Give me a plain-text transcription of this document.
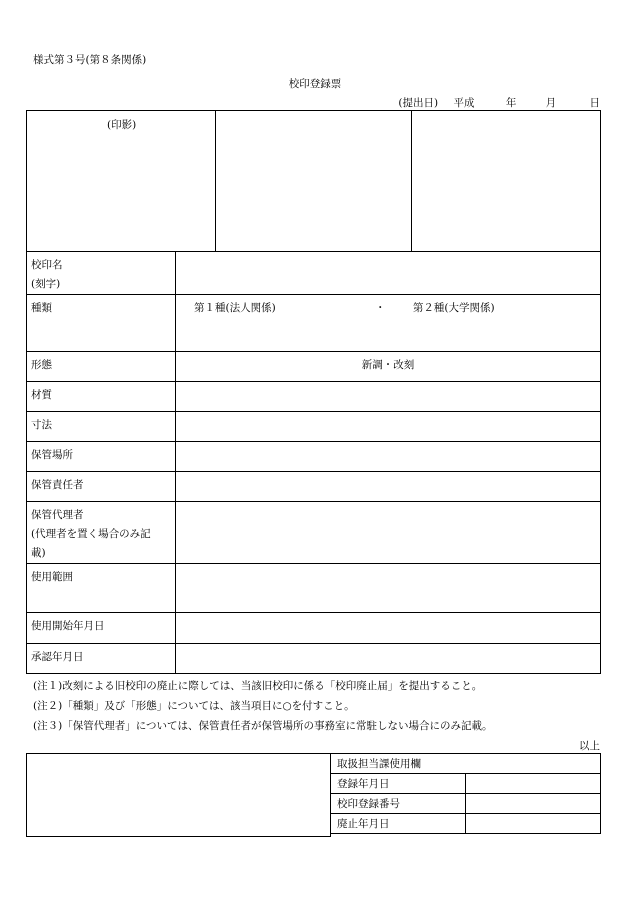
様式第３号(第８条関係)
校印登録票
(提出日) 平成	年	月	日
(印影)
校印名
(刻字)	

種類	第１種(法人関係) ・ 第２種(大学関係)
形態	新調・改刻
材質	
寸法	
保管場所	
保管責任者	

保管代理者
(代理者を置く場合のみ記
載)	

使用範囲	
使用開始年月日	
承認年月日	
(注１)改刻による旧校印の廃止に際しては、当該旧校印に係る「校印廃止届」を提出すること。
(注２)「種類」及び「形態」については、該当項目に○を付すこと。
(注３)「保管代理者」については、保管責任者が保管場所の事務室に常駐しない場合にのみ記載。
以上
取扱担当課使用欄	
登録年月日	
校印登録番号	
廃止年月日	
